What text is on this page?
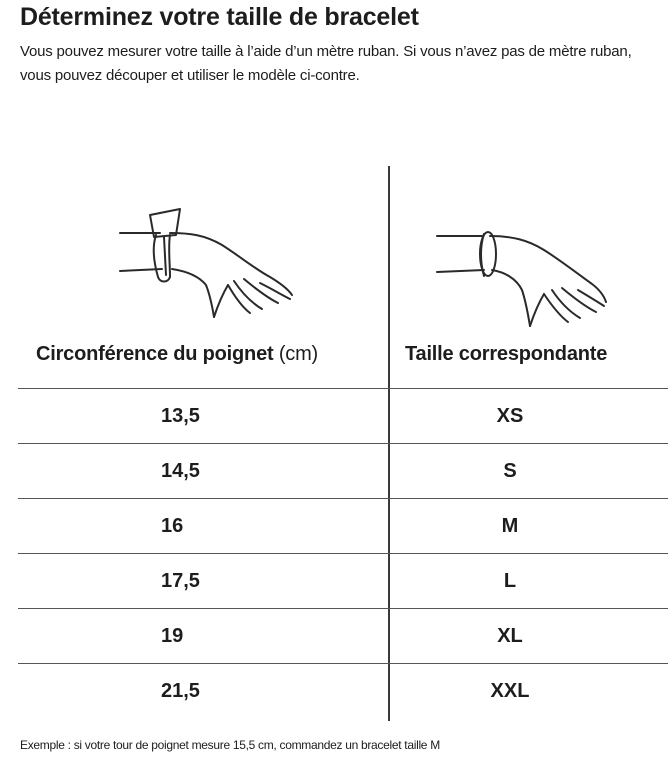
Déterminez votre taille de bracelet

Vous pouvez mesurer votre taille à l’aide d’un mètre ruban. Si vous n’avez pas de mètre ruban, vous pouvez découper et utiliser le modèle ci-contre.

Circonférence du poignet (cm)	Taille correspondante
13,5	XS
14,5	S
16	M
17,5	L
19	XL
21,5	XXL

Exemple : si votre tour de poignet mesure 15,5 cm, commandez un bracelet taille M
